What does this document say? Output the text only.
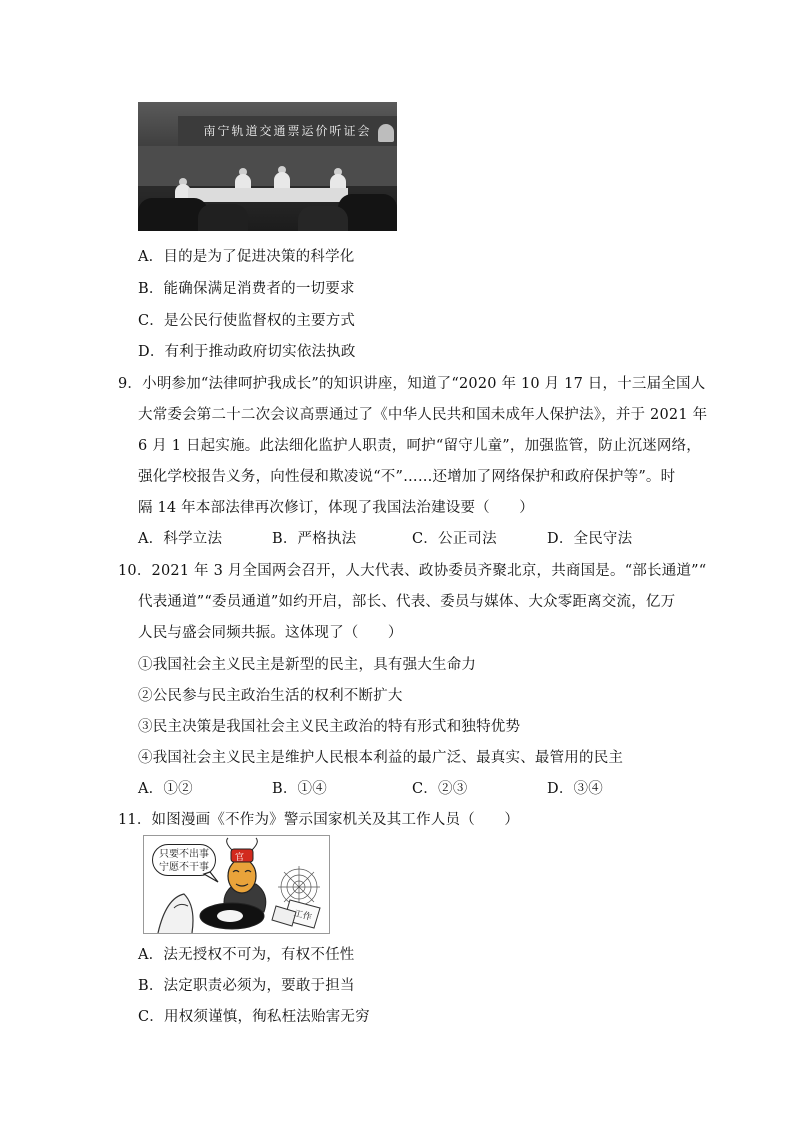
南宁轨道交通票运价听证会
A．目的是为了促进决策的科学化
B．能确保满足消费者的一切要求
C．是公民行使监督权的主要方式
D．有利于推动政府切实依法执政
9．小明参加“法律呵护我成长”的知识讲座，知道了“2020 年 10 月 17 日，十三届全国人
大常委会第二十二次会议高票通过了《中华人民共和国未成年人保护法》，并于 2021 年
6 月 1 日起实施。此法细化监护人职责，呵护“留守儿童”，加强监管，防止沉迷网络，
强化学校报告义务，向性侵和欺凌说“不”……还增加了网络保护和政府保护等”。时
隔 14 年本部法律再次修订，体现了我国法治建设要（　　）
A．科学立法	B．严格执法	C．公正司法	D．全民守法
10．2021 年 3 月全国两会召开，人大代表、政协委员齐聚北京，共商国是。“部长通道”“
代表通道”“委员通道”如约开启，部长、代表、委员与媒体、大众零距离交流，亿万
人民与盛会同频共振。这体现了（　　）
①我国社会主义民主是新型的民主，具有强大生命力
②公民参与民主政治生活的权利不断扩大
③民主决策是我国社会主义民主政治的特有形式和独特优势
④我国社会主义民主是维护人民根本利益的最广泛、最真实、最管用的民主
A．①②	B．①④	C．②③	D．③④
11．如图漫画《不作为》警示国家机关及其工作人员（　　）
只要不出事
宁愿不干事
官
工作
A．法无授权不可为，有权不任性
B．法定职责必须为，要敢于担当
C．用权须谨慎，徇私枉法贻害无穷
